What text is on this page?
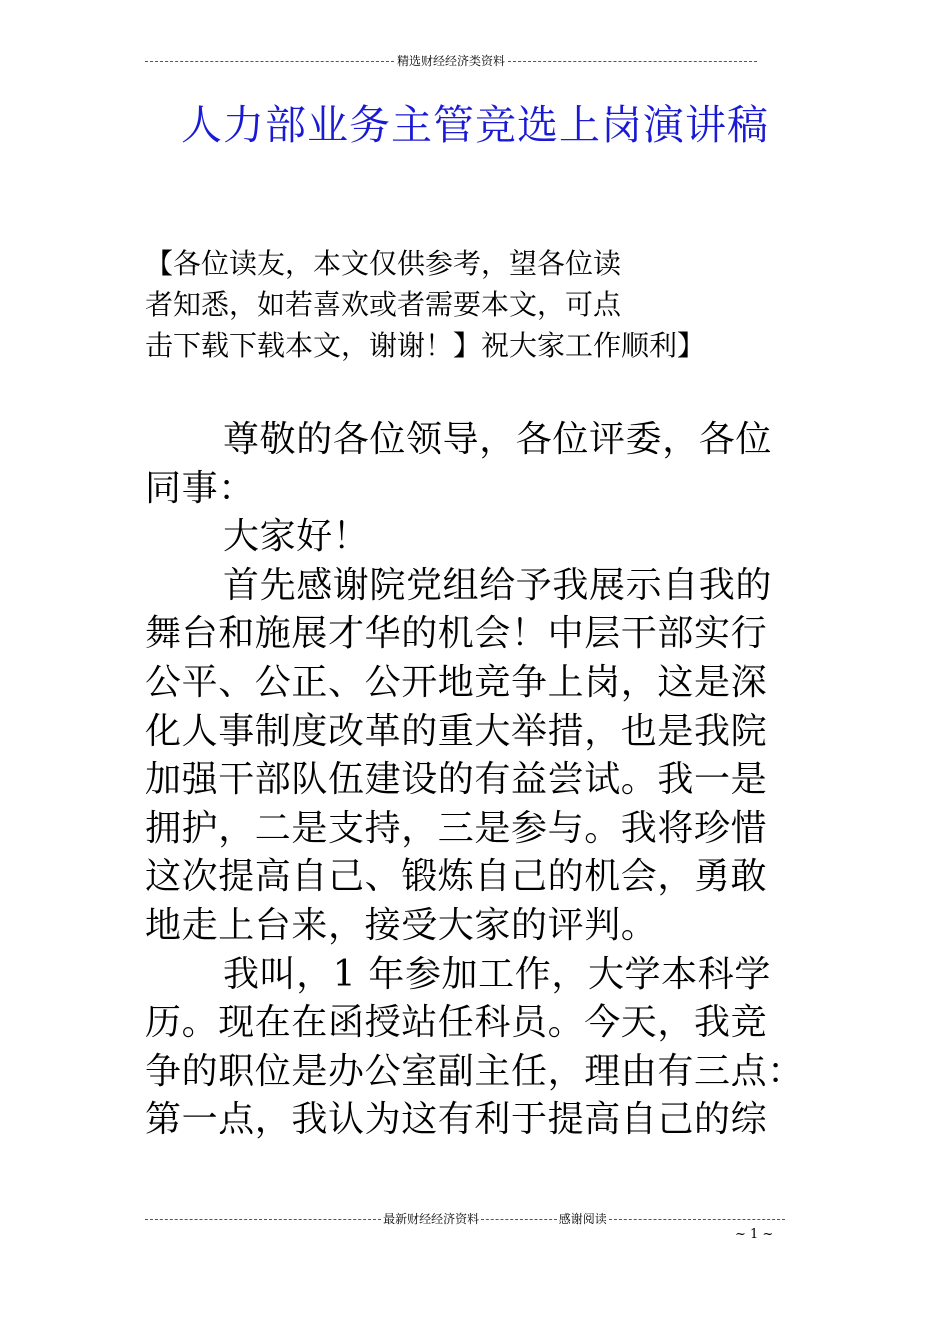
精选财经经济类资料
人力部业务主管竞选上岗演讲稿
【各位读友，本文仅供参考，望各位读
者知悉，如若喜欢或者需要本文，可点
击下载下载本文，谢谢！】祝大家工作顺利】
尊敬的各位领导，各位评委，各位
同事：
大家好！
首先感谢院党组给予我展示自我的
舞台和施展才华的机会！中层干部实行
公平、公正、公开地竞争上岗，这是深
化人事制度改革的重大举措，也是我院
加强干部队伍建设的有益尝试。我一是
拥护，二是支持，三是参与。我将珍惜
这次提高自己、锻炼自己的机会，勇敢
地走上台来，接受大家的评判。
我叫，1 年参加工作，大学本科学
历。现在在函授站任科员。今天，我竞
争的职位是办公室副主任，理由有三点：
第一点，我认为这有利于提高自己的综
最新财经经济资料	感谢阅读
~ 1 ~
